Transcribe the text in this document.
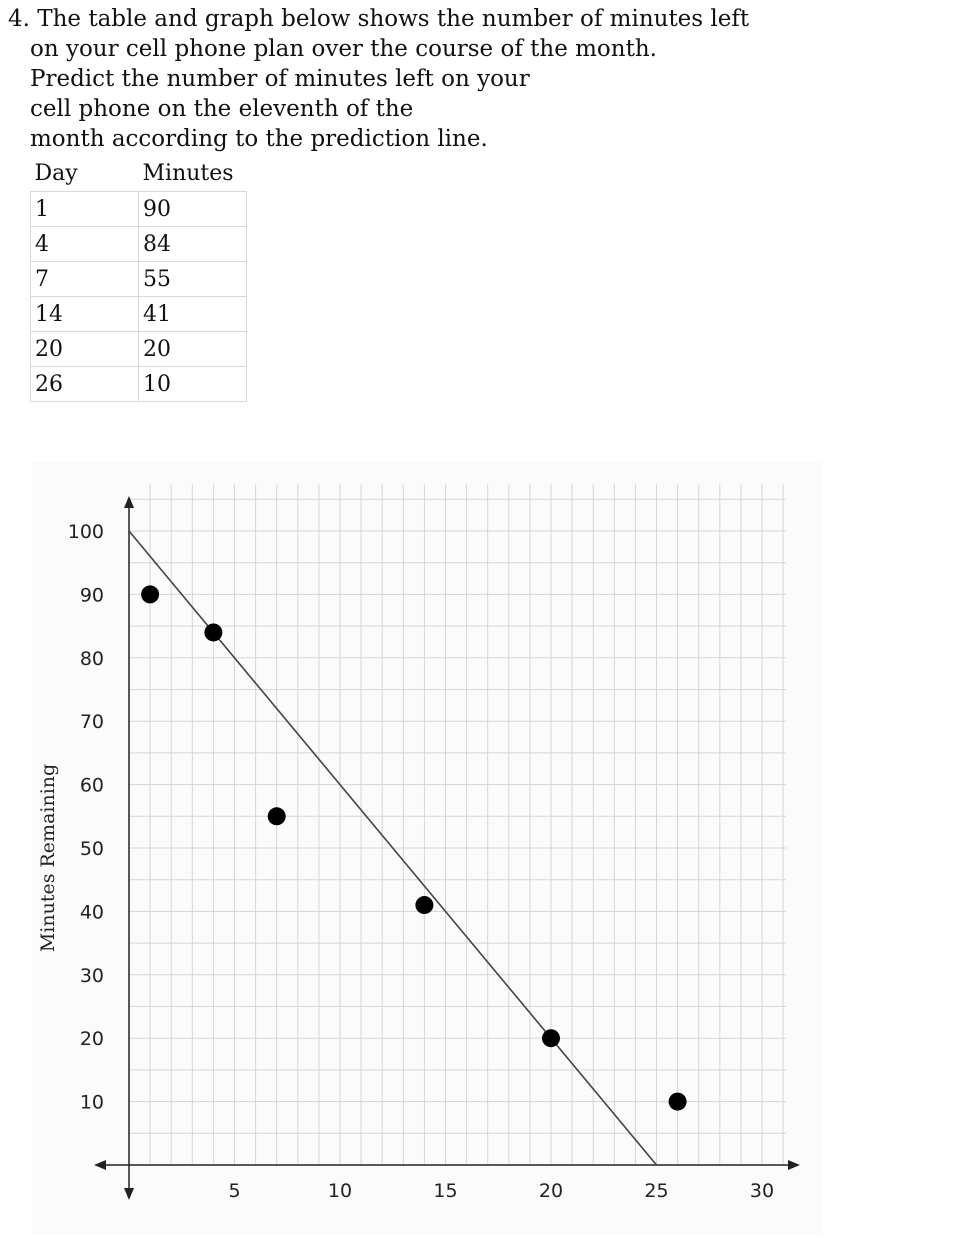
4. The table and graph below shows the number of minutes left
on your cell phone plan over the course of the month.
Predict the number of minutes left on your
cell phone on the eleventh of the
month according to the prediction line.
Day	Minutes
1	90
4	84
7	55
14	41
20	20
26	10
10
20
30
40
50
60
70
80
90
100
5	10	15	20	25	30
Minutes Remaining
